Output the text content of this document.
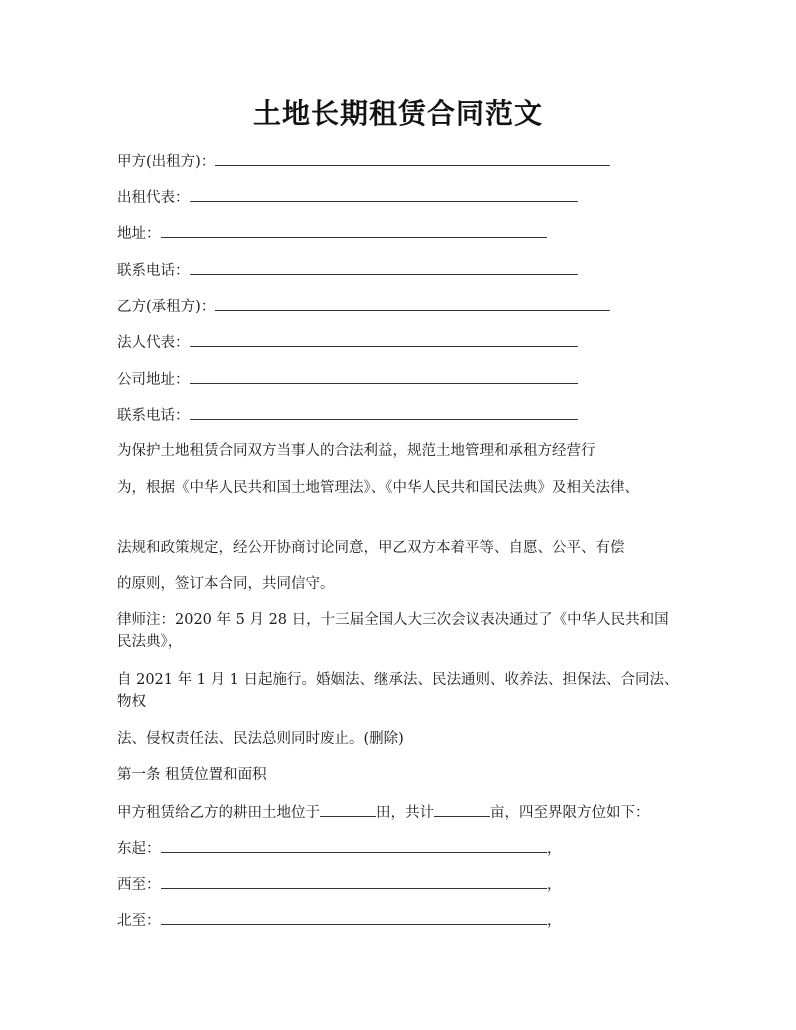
土地长期租赁合同范文
甲方(出租方)：
出租代表：
地址：
联系电话：
乙方(承租方)：
法人代表：
公司地址：
联系电话：
为保护土地租赁合同双方当事人的合法利益，规范土地管理和承租方经营行
为，根据《中华人民共和国土地管理法》、《中华人民共和国民法典》及相关法律、
法规和政策规定，经公开协商讨论同意，甲乙双方本着平等、自愿、公平、有偿
的原则，签订本合同，共同信守。
律师注：2020 年 5 月 28 日，十三届全国人大三次会议表决通过了《中华人民共和国民法典》，
自 2021 年 1 月 1 日起施行。婚姻法、继承法、民法通则、收养法、担保法、合同法、物权
法、侵权责任法、民法总则同时废止。(删除)
第一条 租赁位置和面积
甲方租赁给乙方的耕田土地位于	田，共计	亩，四至界限方位如下：
东起：	，
西至：	，
北至：	，
